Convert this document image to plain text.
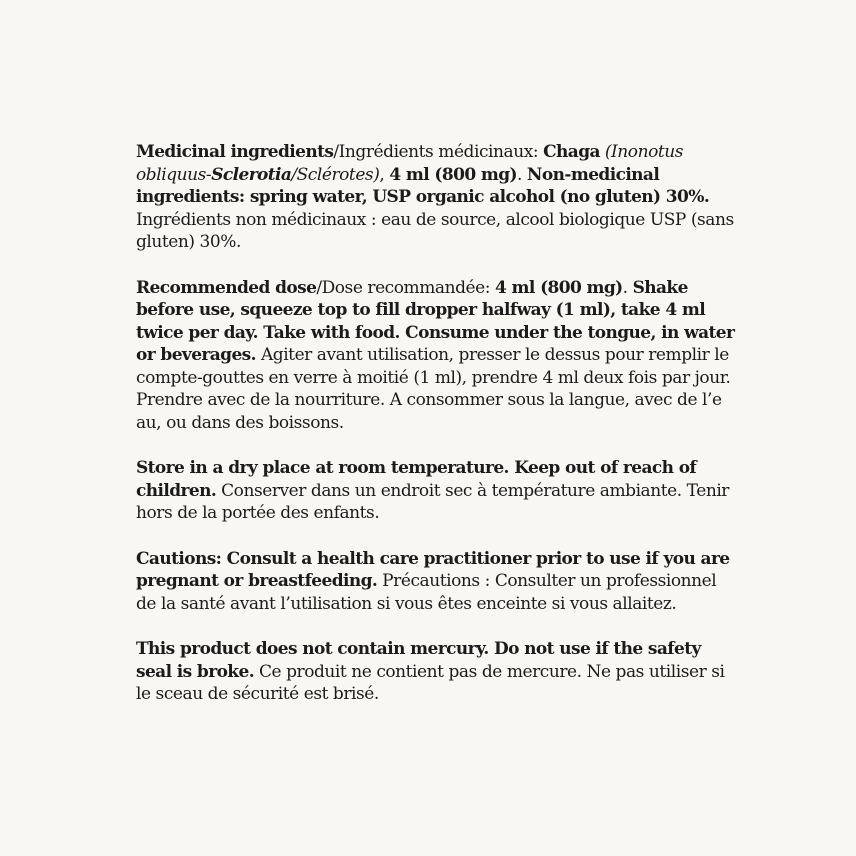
Medicinal ingredients/Ingrédients médicinaux: Chaga (Inonotus obliquus-Sclerotia/Sclérotes), 4 ml (800 mg). Non-medicinal ingredients: spring water, USP organic alcohol (no gluten) 30%. Ingrédients non médicinaux : eau de source, alcool biologique USP (sans gluten) 30%.

Recommended dose/Dose recommandée: 4 ml (800 mg). Shake before use, squeeze top to fill dropper halfway (1 ml), take 4 ml twice per day. Take with food. Consume under the tongue, in water or beverages. Agiter avant utilisation, presser le dessus pour remplir le compte-gouttes en verre à moitié (1 ml), prendre 4 ml deux fois par jour. Prendre avec de la nourriture. A consommer sous la langue, avec de l’e au, ou dans des boissons.

Store in a dry place at room temperature. Keep out of reach of children. Conserver dans un endroit sec à température ambiante. Tenir hors de la portée des enfants.

Cautions: Consult a health care practitioner prior to use if you are pregnant or breastfeeding. Précautions : Consulter un professionnel de la santé avant l’utilisation si vous êtes enceinte si vous allaitez.

This product does not contain mercury. Do not use if the safety seal is broke. Ce produit ne contient pas de mercure. Ne pas utiliser si le sceau de sécurité est brisé.
